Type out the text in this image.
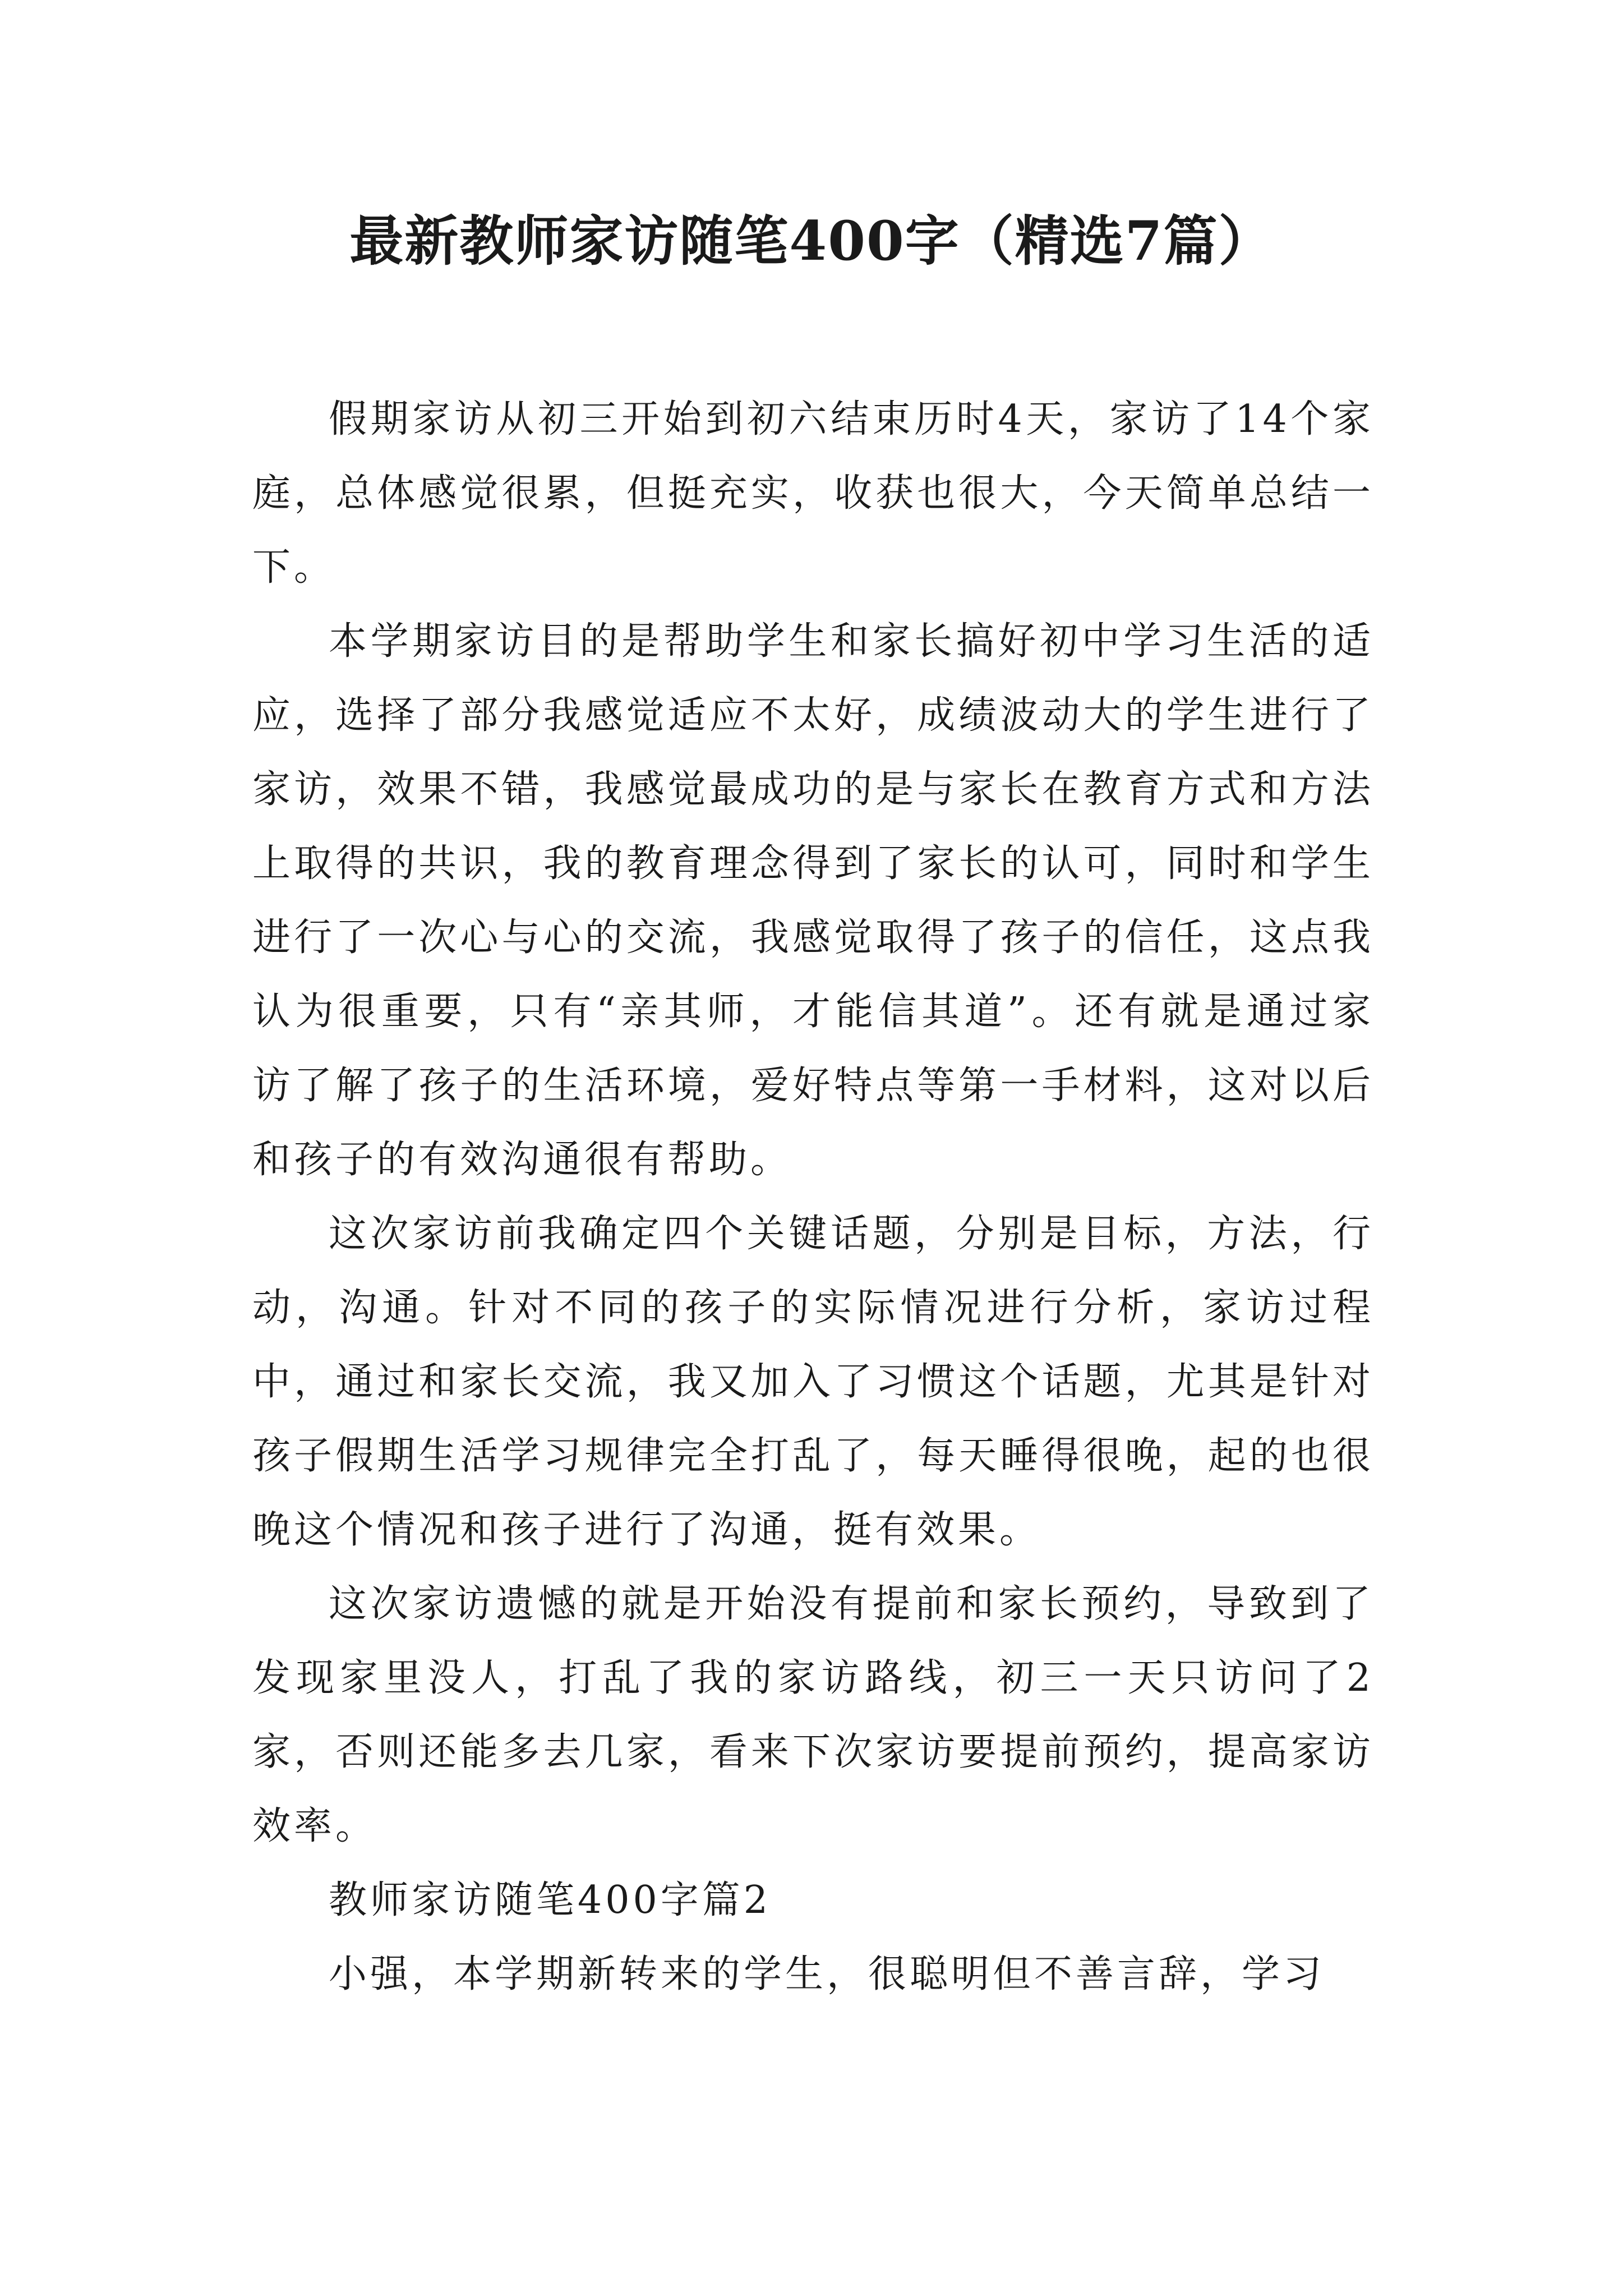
最新教师家访随笔400字（精选7篇）

假期家访从初三开始到初六结束历时4天，家访了14个家庭，总体感觉很累，但挺充实，收获也很大，今天简单总结一下。

本学期家访目的是帮助学生和家长搞好初中学习生活的适应，选择了部分我感觉适应不太好，成绩波动大的学生进行了家访，效果不错，我感觉最成功的是与家长在教育方式和方法上取得的共识，我的教育理念得到了家长的认可，同时和学生进行了一次心与心的交流，我感觉取得了孩子的信任，这点我认为很重要，只有“亲其师，才能信其道”。还有就是通过家访了解了孩子的生活环境，爱好特点等第一手材料，这对以后和孩子的有效沟通很有帮助。

这次家访前我确定四个关键话题，分别是目标，方法，行动，沟通。针对不同的孩子的实际情况进行分析，家访过程中，通过和家长交流，我又加入了习惯这个话题，尤其是针对孩子假期生活学习规律完全打乱了，每天睡得很晚，起的也很晚这个情况和孩子进行了沟通，挺有效果。

这次家访遗憾的就是开始没有提前和家长预约，导致到了发现家里没人，打乱了我的家访路线，初三一天只访问了2家，否则还能多去几家，看来下次家访要提前预约，提高家访效率。

教师家访随笔400字篇2

小强，本学期新转来的学生，很聪明但不善言辞，学习
